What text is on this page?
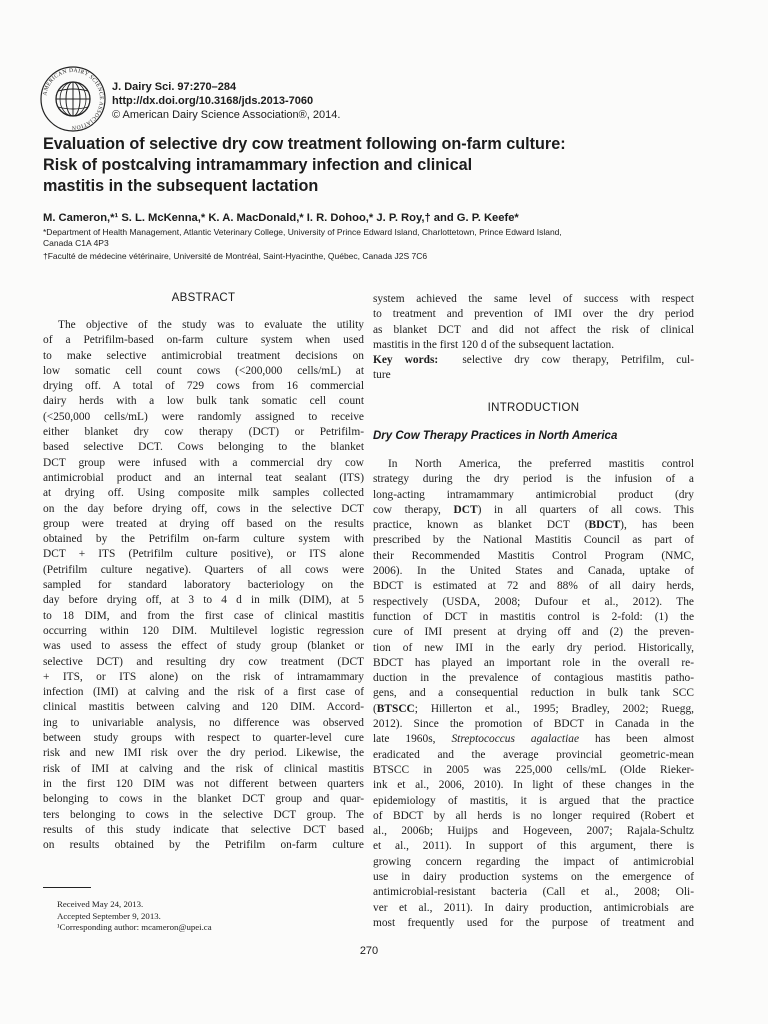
AMERICAN DAIRY SCIENCE ASSOCIATION
J. Dairy Sci. 97:270–284
http://dx.doi.org/10.3168/jds.2013-7060
© American Dairy Science Association®, 2014.
Evaluation of selective dry cow treatment following on-farm culture:
Risk of postcalving intramammary infection and clinical
mastitis in the subsequent lactation
M. Cameron,*¹ S. L. McKenna,* K. A. MacDonald,* I. R. Dohoo,* J. P. Roy,† and G. P. Keefe*
*Department of Health Management, Atlantic Veterinary College, University of Prince Edward Island, Charlottetown, Prince Edward Island,
Canada C1A 4P3
†Faculté de médecine vétérinaire, Université de Montréal, Saint-Hyacinthe, Québec, Canada J2S 7C6
ABSTRACT
The objective of the study was to evaluate the utility
of a Petrifilm-based on-farm culture system when used
to make selective antimicrobial treatment decisions on
low somatic cell count cows (<200,000 cells/mL) at
drying off. A total of 729 cows from 16 commercial
dairy herds with a low bulk tank somatic cell count
(<250,000 cells/mL) were randomly assigned to receive
either blanket dry cow therapy (DCT) or Petrifilm-
based selective DCT. Cows belonging to the blanket
DCT group were infused with a commercial dry cow
antimicrobial product and an internal teat sealant (ITS)
at drying off. Using composite milk samples collected
on the day before drying off, cows in the selective DCT
group were treated at drying off based on the results
obtained by the Petrifilm on-farm culture system with
DCT + ITS (Petrifilm culture positive), or ITS alone
(Petrifilm culture negative). Quarters of all cows were
sampled for standard laboratory bacteriology on the
day before drying off, at 3 to 4 d in milk (DIM), at 5
to 18 DIM, and from the first case of clinical mastitis
occurring within 120 DIM. Multilevel logistic regression
was used to assess the effect of study group (blanket or
selective DCT) and resulting dry cow treatment (DCT
+ ITS, or ITS alone) on the risk of intramammary
infection (IMI) at calving and the risk of a first case of
clinical mastitis between calving and 120 DIM. Accord-
ing to univariable analysis, no difference was observed
between study groups with respect to quarter-level cure
risk and new IMI risk over the dry period. Likewise, the
risk of IMI at calving and the risk of clinical mastitis
in the first 120 DIM was not different between quarters
belonging to cows in the blanket DCT group and quar-
ters belonging to cows in the selective DCT group. The
results of this study indicate that selective DCT based
on results obtained by the Petrifilm on-farm culture
system achieved the same level of success with respect
to treatment and prevention of IMI over the dry period
as blanket DCT and did not affect the risk of clinical
mastitis in the first 120 d of the subsequent lactation.
Key words: selective dry cow therapy, Petrifilm, cul-
ture
INTRODUCTION
Dry Cow Therapy Practices in North America
In North America, the preferred mastitis control
strategy during the dry period is the infusion of a
long-acting intramammary antimicrobial product (dry
cow therapy, DCT) in all quarters of all cows. This
practice, known as blanket DCT (BDCT), has been
prescribed by the National Mastitis Council as part of
their Recommended Mastitis Control Program (NMC,
2006). In the United States and Canada, uptake of
BDCT is estimated at 72 and 88% of all dairy herds,
respectively (USDA, 2008; Dufour et al., 2012). The
function of DCT in mastitis control is 2-fold: (1) the
cure of IMI present at drying off and (2) the preven-
tion of new IMI in the early dry period. Historically,
BDCT has played an important role in the overall re-
duction in the prevalence of contagious mastitis patho-
gens, and a consequential reduction in bulk tank SCC
(BTSCC; Hillerton et al., 1995; Bradley, 2002; Ruegg,
2012). Since the promotion of BDCT in Canada in the
late 1960s, Streptococcus agalactiae has been almost
eradicated and the average provincial geometric-mean
BTSCC in 2005 was 225,000 cells/mL (Olde Rieker-
ink et al., 2006, 2010). In light of these changes in the
epidemiology of mastitis, it is argued that the practice
of BDCT by all herds is no longer required (Robert et
al., 2006b; Huijps and Hogeveen, 2007; Rajala-Schultz
et al., 2011). In support of this argument, there is
growing concern regarding the impact of antimicrobial
use in dairy production systems on the emergence of
antimicrobial-resistant bacteria (Call et al., 2008; Oli-
ver et al., 2011). In dairy production, antimicrobials are
most frequently used for the purpose of treatment and
Received May 24, 2013.
Accepted September 9, 2013.
¹Corresponding author: mcameron@upei.ca
270
